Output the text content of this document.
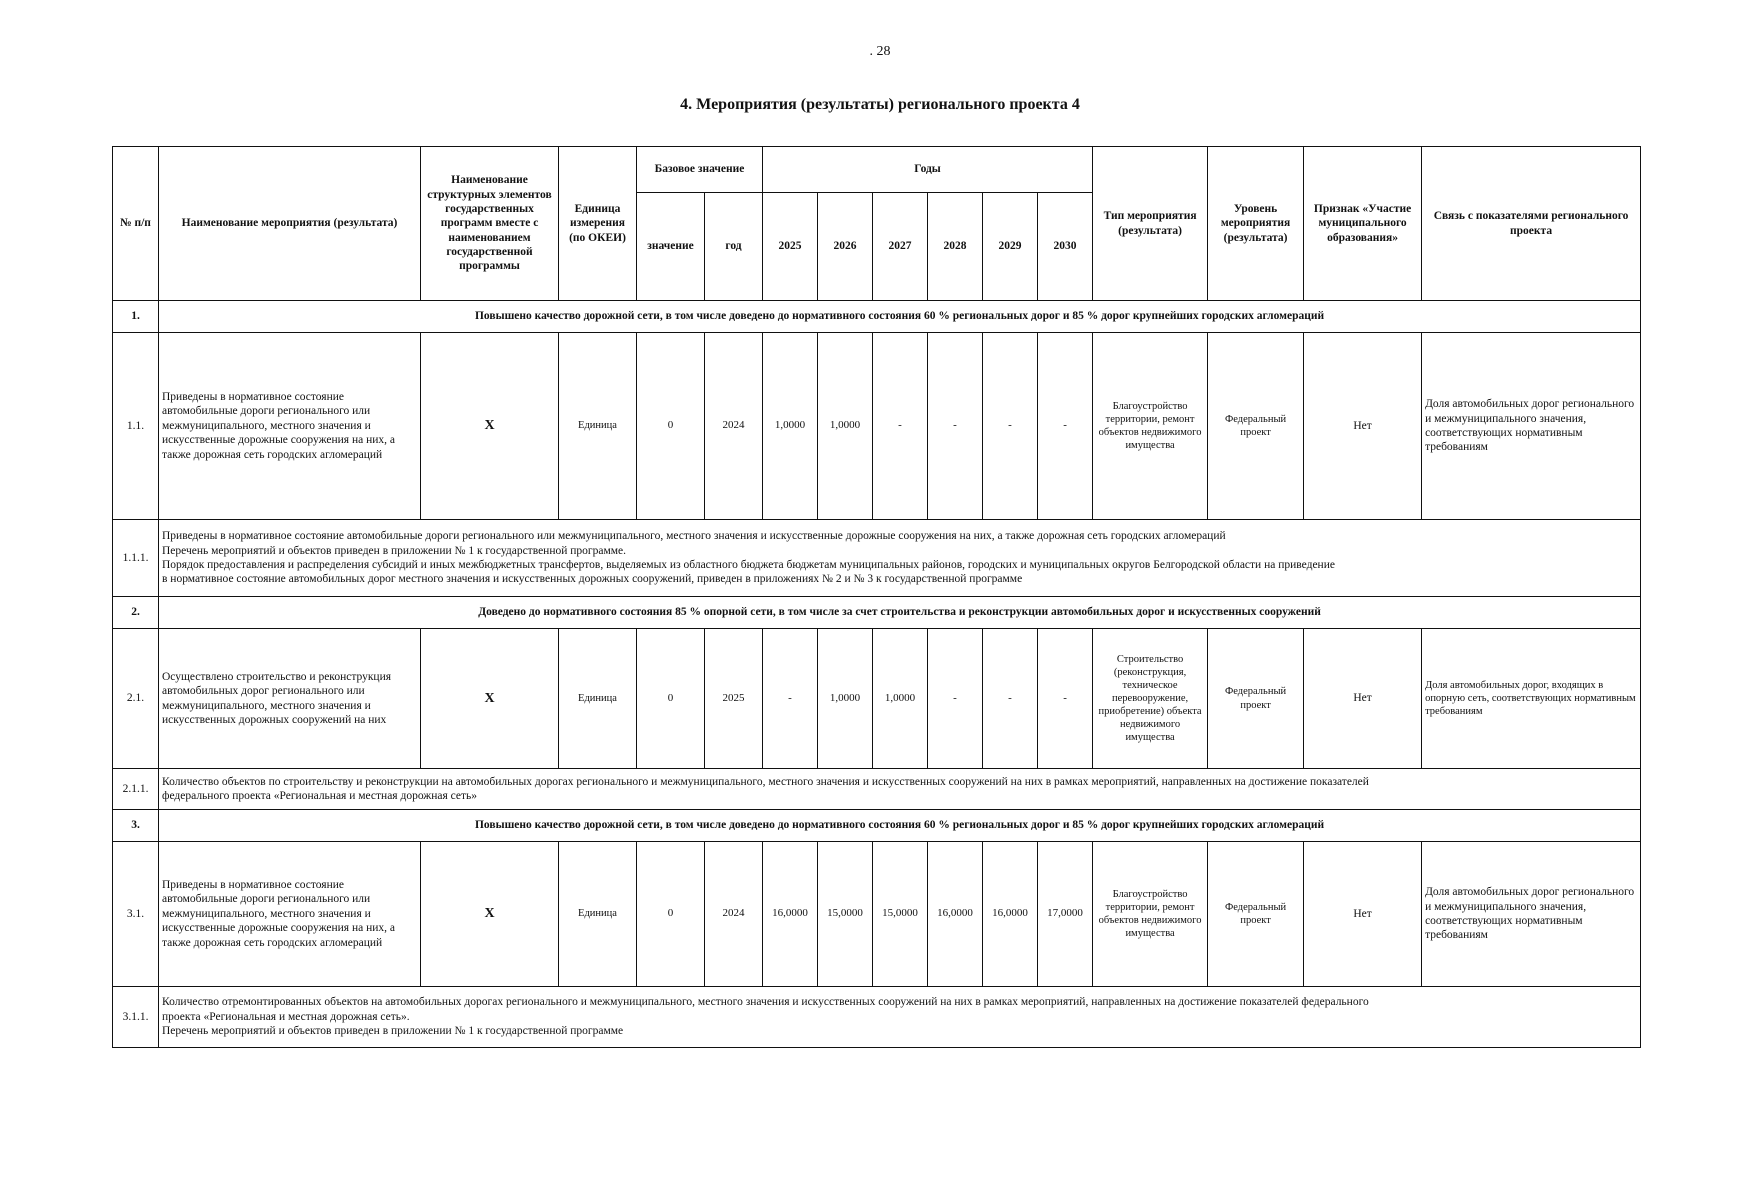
. 28
4. Мероприятия (результаты) регионального проекта 4
№ п/п	Наименование мероприятия (результата)	Наименование структурных элементов государственных программ вместе с наименованием государственной программы	Единица измерения (по ОКЕИ)	Базовое значение		Годы						Тип мероприятия (результата)	Уровень мероприятия (результата)	Признак «Участие муниципального образования»	Связь с показателями регионального проекта
				значение	год	2025	2026	2027	2028	2029	2030				
1.	Повышено качество дорожной сети, в том числе доведено до нормативного состояния 60 % региональных дорог и 85 % дорог крупнейших городских агломераций														
1.1.	Приведены в нормативное состояние автомобильные дороги регионального или межмуниципального, местного значения и искусственные дорожные сооружения на них, а также дорожная сеть городских агломераций	X	Единица	0	2024	1,0000	1,0000	-	-	-	-	Благоустройство территории, ремонт объектов недвижимого имущества	Федеральный проект	Нет	Доля автомобильных дорог регионального и межмуниципального значения, соответствующих нормативным требованиям
1.1.1.	Приведены в нормативное состояние автомобильные дороги регионального или межмуниципального, местного значения и искусственные дорожные сооружения на них, а также дорожная сеть городских агломераций
Перечень мероприятий и объектов приведен в приложении № 1 к государственной программе.
Порядок предоставления и распределения субсидий и иных межбюджетных трансфертов, выделяемых из областного бюджета бюджетам муниципальных районов, городских и муниципальных округов Белгородской области на приведение
в нормативное состояние автомобильных дорог местного значения и искусственных дорожных сооружений, приведен в приложениях № 2 и № 3 к государственной программе														

2.	Доведено до нормативного состояния 85 % опорной сети, в том числе за счет строительства и реконструкции автомобильных дорог и искусственных сооружений														
2.1.	Осуществлено строительство и реконструкция автомобильных дорог регионального или межмуниципального, местного значения и искусственных дорожных сооружений на них	X	Единица	0	2025	-	1,0000	1,0000	-	-	-	Строительство (реконструкция, техническое перевооружение, приобретение) объекта недвижимого имущества	Федеральный проект	Нет	Доля автомобильных дорог, входящих в опорную сеть, соответствующих нормативным требованиям
2.1.1.	Количество объектов по строительству и реконструкции на автомобильных дорогах регионального и межмуниципального, местного значения и искусственных сооружений на них в рамках мероприятий, направленных на достижение показателей
федерального проекта «Региональная и местная дорожная сеть»														

3.	Повышено качество дорожной сети, в том числе доведено до нормативного состояния 60 % региональных дорог и 85 % дорог крупнейших городских агломераций														
3.1.	Приведены в нормативное состояние автомобильные дороги регионального или межмуниципального, местного значения и искусственные дорожные сооружения на них, а также дорожная сеть городских агломераций	X	Единица	0	2024	16,0000	15,0000	15,0000	16,0000	16,0000	17,0000	Благоустройство территории, ремонт объектов недвижимого имущества	Федеральный проект	Нет	Доля автомобильных дорог регионального и межмуниципального значения, соответствующих нормативным требованиям
3.1.1.	Количество отремонтированных объектов на автомобильных дорогах регионального и межмуниципального, местного значения и искусственных сооружений на них в рамках мероприятий, направленных на достижение показателей федерального
проекта «Региональная и местная дорожная сеть».
Перечень мероприятий и объектов приведен в приложении № 1 к государственной программе														
